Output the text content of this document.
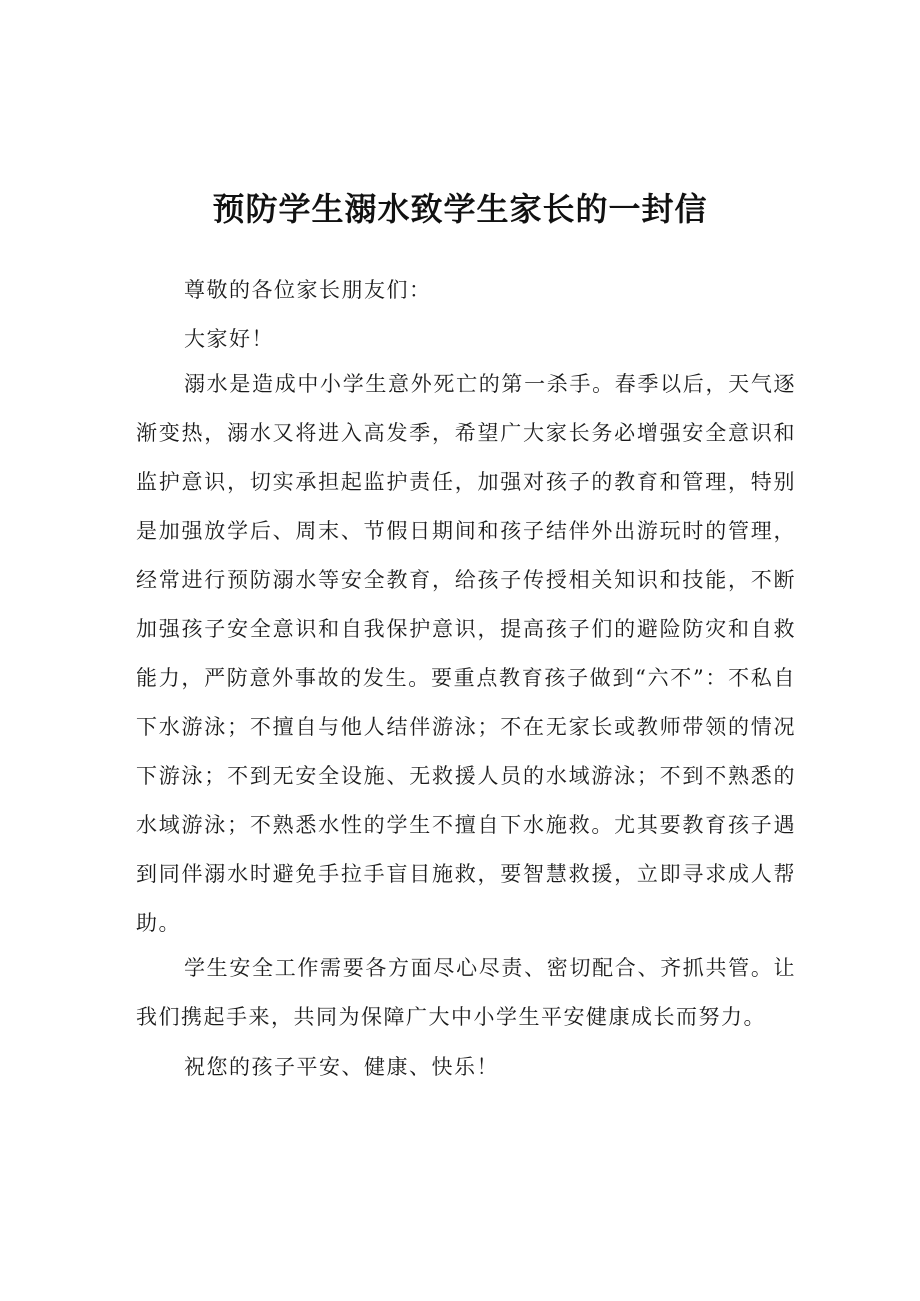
预防学生溺水致学生家长的一封信

尊敬的各位家长朋友们：

大家好！

溺水是造成中小学生意外死亡的第一杀手。春季以后，天气逐渐变热，溺水又将进入高发季，希望广大家长务必增强安全意识和监护意识，切实承担起监护责任，加强对孩子的教育和管理，特别是加强放学后、周末、节假日期间和孩子结伴外出游玩时的管理，经常进行预防溺水等安全教育，给孩子传授相关知识和技能，不断加强孩子安全意识和自我保护意识，提高孩子们的避险防灾和自救能力，严防意外事故的发生。要重点教育孩子做到“六不”：不私自下水游泳；不擅自与他人结伴游泳；不在无家长或教师带领的情况下游泳；不到无安全设施、无救援人员的水域游泳；不到不熟悉的水域游泳；不熟悉水性的学生不擅自下水施救。尤其要教育孩子遇到同伴溺水时避免手拉手盲目施救，要智慧救援，立即寻求成人帮助。

学生安全工作需要各方面尽心尽责、密切配合、齐抓共管。让我们携起手来，共同为保障广大中小学生平安健康成长而努力。

祝您的孩子平安、健康、快乐！
